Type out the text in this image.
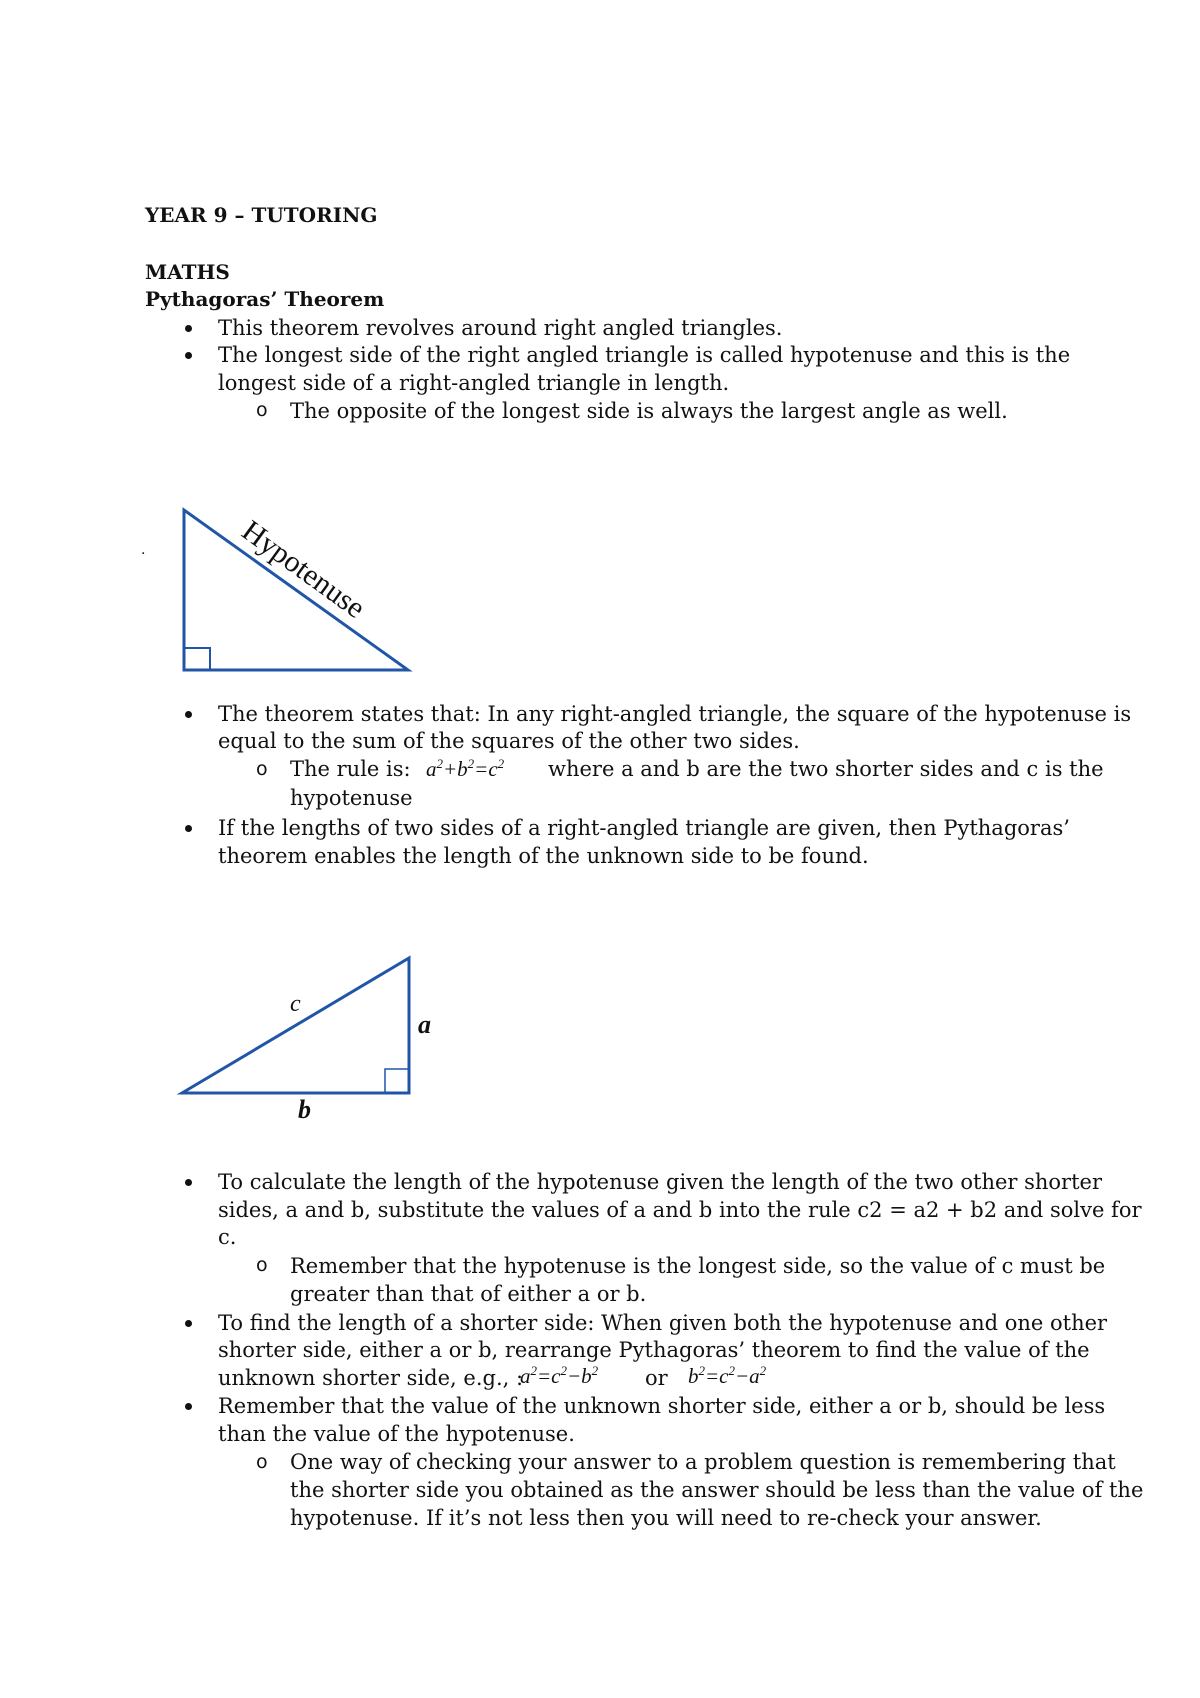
YEAR 9 – TUTORING
MATHS
Pythagoras’ Theorem
This theorem revolves around right angled triangles.
The longest side of the right angled triangle is called hypotenuse and this is the
longest side of a right-angled triangle in length.
o The opposite of the longest side is always the largest angle as well.
.	Hypotenuse
The theorem states that: In any right-angled triangle, the square of the hypotenuse is
equal to the sum of the squares of the other two sides.
o The rule is: $a^2+b^2=c^2$ where a and b are the two shorter sides and c is the
hypotenuse
If the lengths of two sides of a right-angled triangle are given, then Pythagoras’
theorem enables the length of the unknown side to be found.
c
a
b
To calculate the length of the hypotenuse given the length of the two other shorter
sides, a and b, substitute the values of a and b into the rule c2 = a2 + b2 and solve for
c.
o Remember that the hypotenuse is the longest side, so the value of c must be
greater than that of either a or b.
To find the length of a shorter side: When given both the hypotenuse and one other
shorter side, either a or b, rearrange Pythagoras’ theorem to find the value of the
unknown shorter side, e.g., :
$a^2=c^2-b^2$ or $b^2=c^2-a^2$
Remember that the value of the unknown shorter side, either a or b, should be less
than the value of the hypotenuse.
o One way of checking your answer to a problem question is remembering that
the shorter side you obtained as the answer should be less than the value of the
hypotenuse. If it’s not less then you will need to re-check your answer.
